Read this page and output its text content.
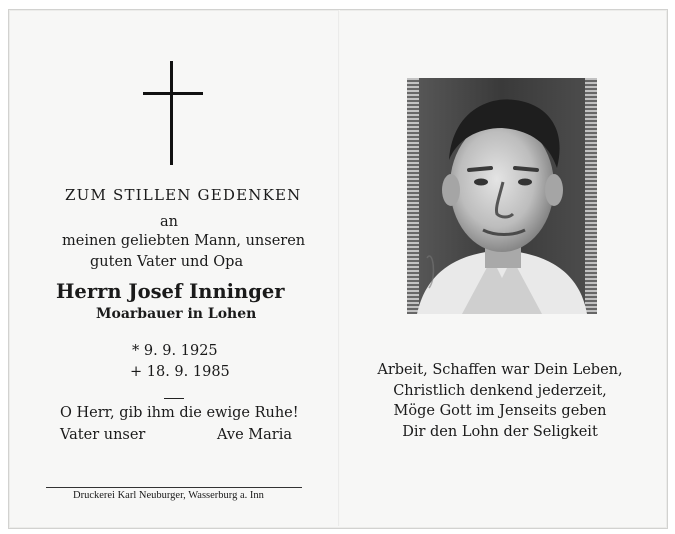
ZUM STILLEN GEDENKEN
an
meinen geliebten Mann, unseren
guten Vater und Opa
Herrn Josef Inninger
Moarbauer in Lohen
* 9. 9. 1925
+ 18. 9. 1985
O Herr, gib ihm die ewige Ruhe!
Vater unser	Ave Maria
Druckerei Karl Neuburger, Wasserburg a. Inn
Arbeit, Schaffen war Dein Leben,
Christlich denkend jederzeit,
Möge Gott im Jenseits geben
Dir den Lohn der Seligkeit
